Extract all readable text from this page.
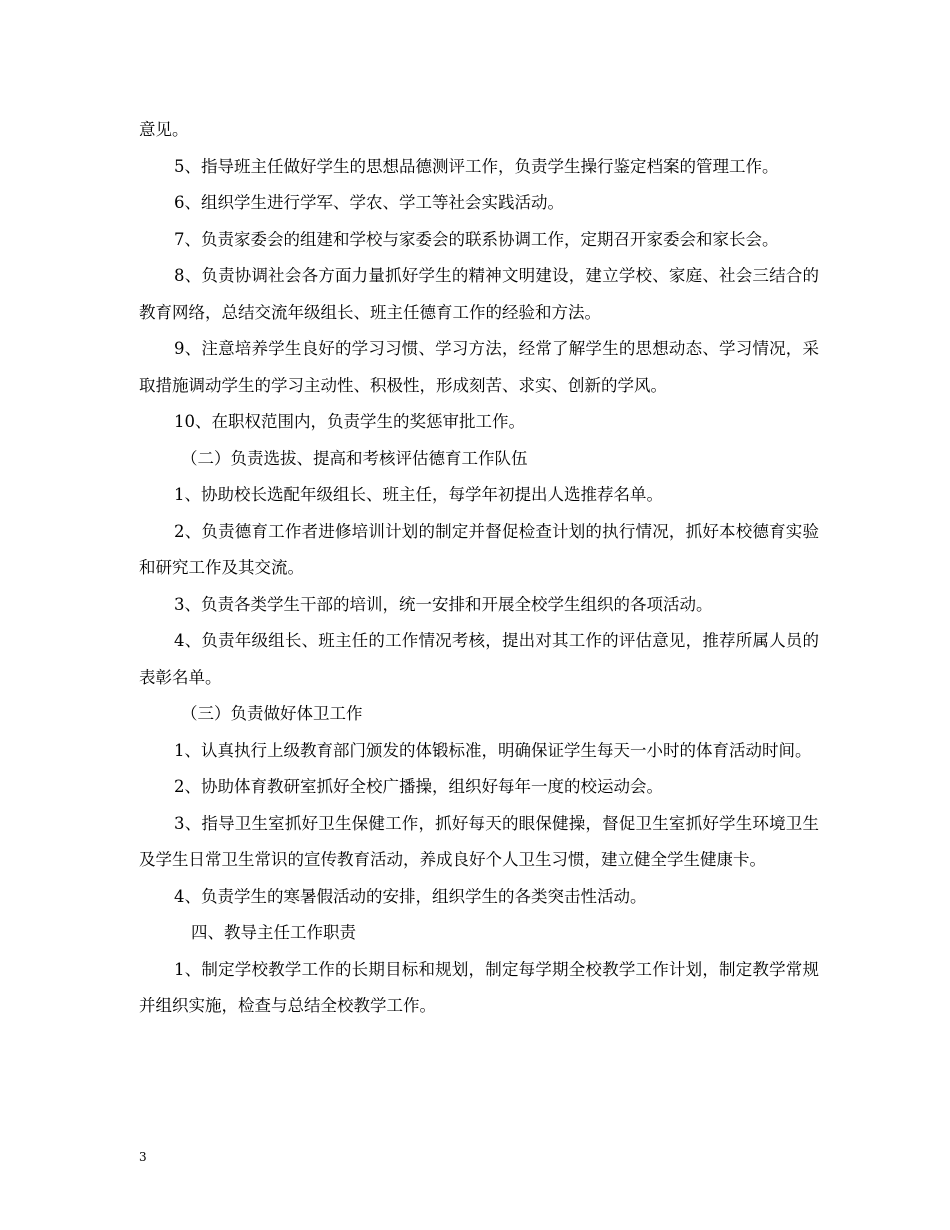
意见。

5、指导班主任做好学生的思想品德测评工作，负责学生操行鉴定档案的管理工作。

6、组织学生进行学军、学农、学工等社会实践活动。

7、负责家委会的组建和学校与家委会的联系协调工作，定期召开家委会和家长会。

8、负责协调社会各方面力量抓好学生的精神文明建设，建立学校、家庭、社会三结合的教育网络，总结交流年级组长、班主任德育工作的经验和方法。

9、注意培养学生良好的学习习惯、学习方法，经常了解学生的思想动态、学习情况，采取措施调动学生的学习主动性、积极性，形成刻苦、求实、创新的学风。

10、在职权范围内，负责学生的奖惩审批工作。

（二）负责选拔、提高和考核评估德育工作队伍

1、协助校长选配年级组长、班主任，每学年初提出人选推荐名单。

2、负责德育工作者进修培训计划的制定并督促检查计划的执行情况，抓好本校德育实验和研究工作及其交流。

3、负责各类学生干部的培训，统一安排和开展全校学生组织的各项活动。

4、负责年级组长、班主任的工作情况考核，提出对其工作的评估意见，推荐所属人员的表彰名单。

（三）负责做好体卫工作

1、认真执行上级教育部门颁发的体锻标准，明确保证学生每天一小时的体育活动时间。

2、协助体育教研室抓好全校广播操，组织好每年一度的校运动会。

3、指导卫生室抓好卫生保健工作，抓好每天的眼保健操，督促卫生室抓好学生环境卫生及学生日常卫生常识的宣传教育活动，养成良好个人卫生习惯，建立健全学生健康卡。

4、负责学生的寒暑假活动的安排，组织学生的各类突击性活动。

四、教导主任工作职责

1、制定学校教学工作的长期目标和规划，制定每学期全校教学工作计划，制定教学常规并组织实施，检查与总结全校教学工作。

3
